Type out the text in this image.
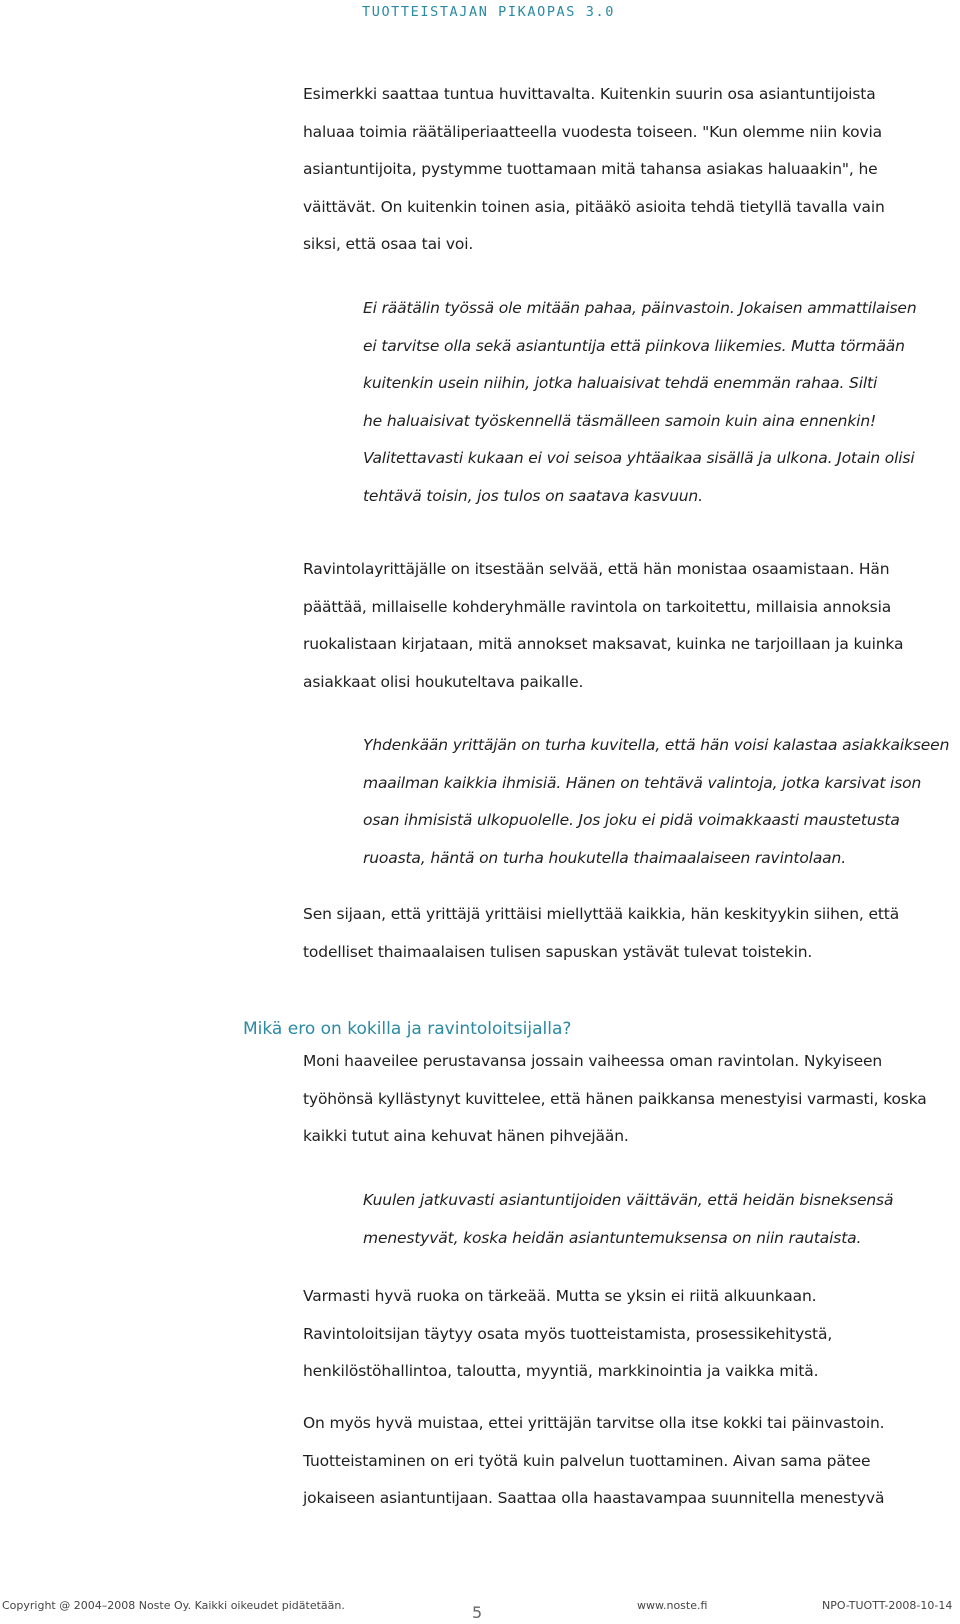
TUOTTEISTAJAN PIKAOPAS 3.0
Esimerkki saattaa tuntua huvittavalta. Kuitenkin suurin osa asiantuntijoista
haluaa toimia räätäliperiaatteella vuodesta toiseen. "Kun olemme niin kovia
asiantuntijoita, pystymme tuottamaan mitä tahansa asiakas haluaakin", he
väittävät. On kuitenkin toinen asia, pitääkö asioita tehdä tietyllä tavalla vain
siksi, että osaa tai voi.
Ei räätälin työssä ole mitään pahaa, päinvastoin. Jokaisen ammattilaisen
ei tarvitse olla sekä asiantuntija että piinkova liikemies. Mutta törmään
kuitenkin usein niihin, jotka haluaisivat tehdä enemmän rahaa. Silti
he haluaisivat työskennellä täsmälleen samoin kuin aina ennenkin!
Valitettavasti kukaan ei voi seisoa yhtäaikaa sisällä ja ulkona. Jotain olisi
tehtävä toisin, jos tulos on saatava kasvuun.
Ravintolayrittäjälle on itsestään selvää, että hän monistaa osaamistaan. Hän
päättää, millaiselle kohderyhmälle ravintola on tarkoitettu, millaisia annoksia
ruokalistaan kirjataan, mitä annokset maksavat, kuinka ne tarjoillaan ja kuinka
asiakkaat olisi houkuteltava paikalle.
Yhdenkään yrittäjän on turha kuvitella, että hän voisi kalastaa asiakkaikseen
maailman kaikkia ihmisiä. Hänen on tehtävä valintoja, jotka karsivat ison
osan ihmisistä ulkopuolelle. Jos joku ei pidä voimakkaasti maustetusta
ruoasta, häntä on turha houkutella thaimaalaiseen ravintolaan.
Sen sijaan, että yrittäjä yrittäisi miellyttää kaikkia, hän keskityykin siihen, että
todelliset thaimaalaisen tulisen sapuskan ystävät tulevat toistekin.
Mikä ero on kokilla ja ravintoloitsijalla?
Moni haaveilee perustavansa jossain vaiheessa oman ravintolan. Nykyiseen
työhönsä kyllästynyt kuvittelee, että hänen paikkansa menestyisi varmasti, koska
kaikki tutut aina kehuvat hänen pihvejään.
Kuulen jatkuvasti asiantuntijoiden väittävän, että heidän bisneksensä
menestyvät, koska heidän asiantuntemuksensa on niin rautaista.
Varmasti hyvä ruoka on tärkeää. Mutta se yksin ei riitä alkuunkaan.
Ravintoloitsijan täytyy osata myös tuotteistamista, prosessikehitystä,
henkilöstöhallintoa, taloutta, myyntiä, markkinointia ja vaikka mitä.
On myös hyvä muistaa, ettei yrittäjän tarvitse olla itse kokki tai päinvastoin.
Tuotteistaminen on eri työtä kuin palvelun tuottaminen. Aivan sama pätee
jokaiseen asiantuntijaan. Saattaa olla haastavampaa suunnitella menestyvä
Copyright @ 2004–2008 Noste Oy. Kaikki oikeudet pidätetään.	5	www.noste.fi	NPO-TUOTT-2008-10-14
